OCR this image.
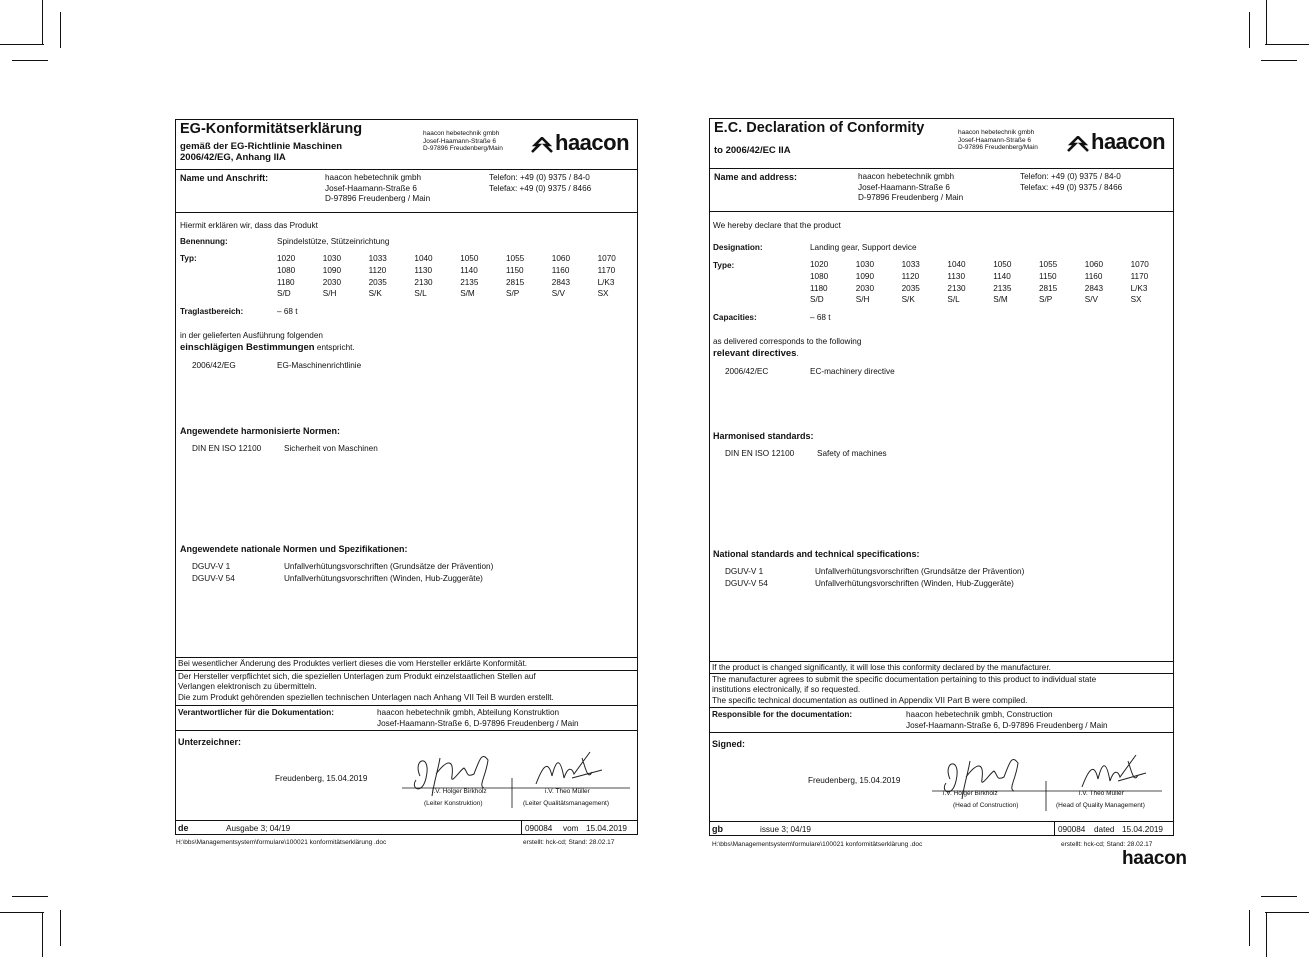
EG-Konformitätserklärung
gemäß der EG-Richtlinie Maschinen
2006/42/EG, Anhang IIA
haacon hebetechnik gmbh
Josef-Haamann-Straße 6
D-97896 Freudenberg/Main	haacon
Name und Anschrift:	haacon hebetechnik gmbh
Josef-Haamann-Straße 6
D-97896 Freudenberg / Main
Telefon: +49 (0) 9375 / 84-0
Telefax: +49 (0) 9375 / 8466
Hiermit erklären wir, dass das Produkt
Benennung:	Spindelstütze, Stützeinrichtung
Typ:	1020	1030	1033	1040	1050	1055	1060	1070
1080	1090	1120	1130	1140	1150	1160	1170
1180	2030	2035	2130	2135	2815	2843	L/K3
S/D	S/H	S/K	S/L	S/M	S/P	S/V	SX
Traglastbereich:	– 68 t
in der gelieferten Ausführung folgenden
einschlägigen Bestimmungen entspricht.
2006/42/EG	EG-Maschinenrichtlinie
Angewendete harmonisierte Normen:
DIN EN ISO 12100	Sicherheit von Maschinen
Angewendete nationale Normen und Spezifikationen:
DGUV-V 1	Unfallverhütungsvorschriften (Grundsätze der Prävention)
DGUV-V 54	Unfallverhütungsvorschriften (Winden, Hub-Zuggeräte)
Bei wesentlicher Änderung des Produktes verliert dieses die vom Hersteller erklärte Konformität.
Der Hersteller verpflichtet sich, die speziellen Unterlagen zum Produkt einzelstaatlichen Stellen auf
Verlangen elektronisch zu übermitteln.
Die zum Produkt gehörenden speziellen technischen Unterlagen nach Anhang VII Teil B wurden erstellt.
Verantwortlicher für die Dokumentation:	haacon hebetechnik gmbh, Abteilung Konstruktion
Josef-Haamann-Straße 6, D-97896 Freudenberg / Main
Unterzeichner:
Freudenberg, 15.04.2019
i.V. Holger Birkholz
(Leiter Konstruktion)
i.V. Theo Müller
(Leiter Qualitätsmanagement)
de	Ausgabe 3; 04/19	090084 vom 15.04.2019
H:\bbs\Managementsystem\formulare\100021 konformitätserklärung .doc	erstellt: hck-cd; Stand: 28.02.17
E.C. Declaration of Conformity
to 2006/42/EC IIA
haacon hebetechnik gmbh
Josef-Haamann-Straße 6
D-97896 Freudenberg/Main	haacon
Name and address:	haacon hebetechnik gmbh
Josef-Haamann-Straße 6
D-97896 Freudenberg / Main
Telefon: +49 (0) 9375 / 84-0
Telefax: +49 (0) 9375 / 8466
We hereby declare that the product
Designation:	Landing gear, Support device
Type:	1020	1030	1033	1040	1050	1055	1060	1070
1080	1090	1120	1130	1140	1150	1160	1170
1180	2030	2035	2130	2135	2815	2843	L/K3
S/D	S/H	S/K	S/L	S/M	S/P	S/V	SX
Capacities:	– 68 t
as delivered corresponds to the following
relevant directives.
2006/42/EC	EC-machinery directive
Harmonised standards:
DIN EN ISO 12100	Safety of machines
National standards and technical specifications:
DGUV-V 1	Unfallverhütungsvorschriften (Grundsätze der Prävention)
DGUV-V 54	Unfallverhütungsvorschriften (Winden, Hub-Zuggeräte)
If the product is changed significantly, it will lose this conformity declared by the manufacturer.
The manufacturer agrees to submit the specific documentation pertaining to this product to individual state
institutions electronically, if so requested.
The specific technical documentation as outlined in Appendix VII Part B were compiled.
Responsible for the documentation:	haacon hebetechnik gmbh, Construction
Josef-Haamann-Straße 6, D-97896 Freudenberg / Main
Signed:
Freudenberg, 15.04.2019
i.V. Holger Birkholz
(Head of Construction)
i.V. Theo Müller
(Head of Quality Management)
gb	issue 3; 04/19	090084 dated 15.04.2019
H:\bbs\Managementsystem\formulare\100021 konformitätserklärung .doc	erstellt: hck-cd; Stand: 28.02.17
haacon
